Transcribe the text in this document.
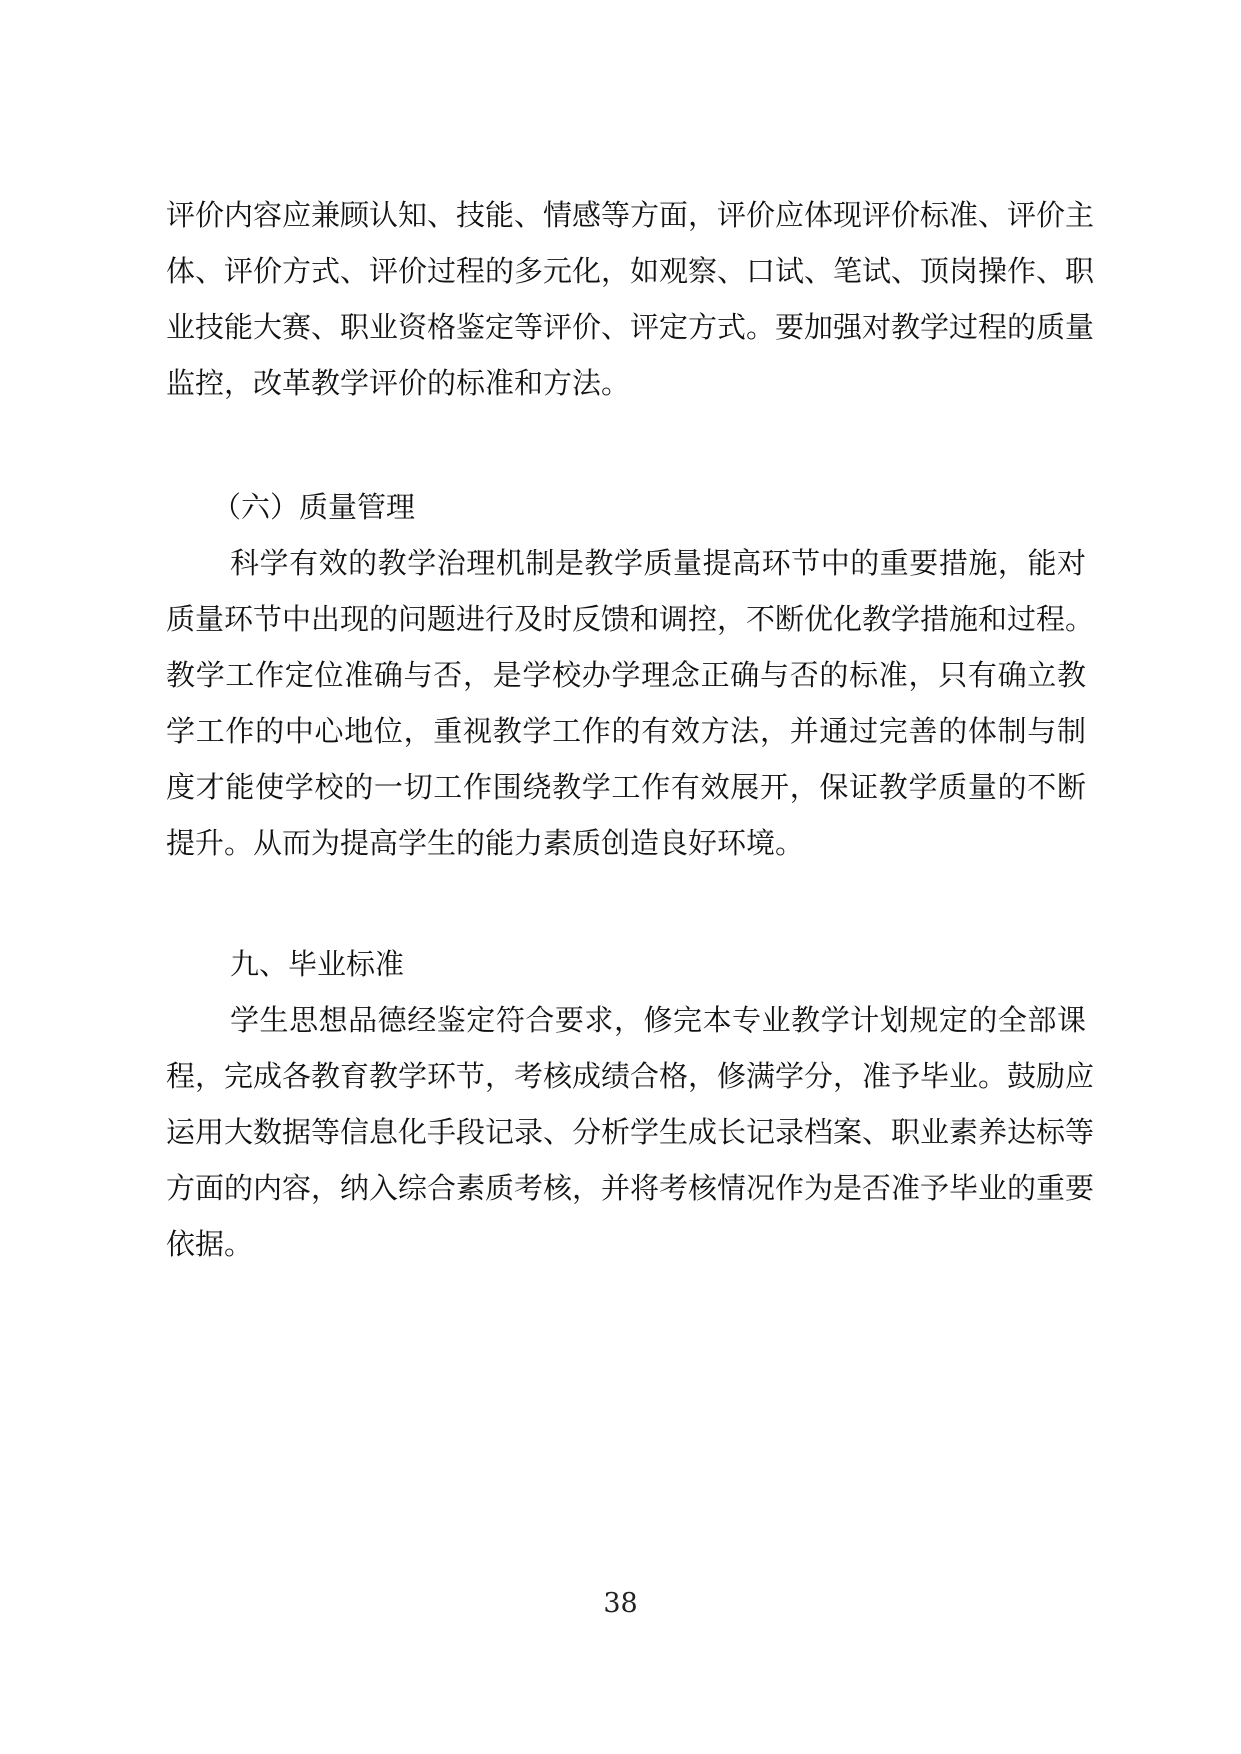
评价内容应兼顾认知、技能、情感等方面，评价应体现评价标准、评价主
体、评价方式、评价过程的多元化，如观察、口试、笔试、顶岗操作、职
业技能大赛、职业资格鉴定等评价、评定方式。要加强对教学过程的质量
监控，改革教学评价的标准和方法。
（六）质量管理
科学有效的教学治理机制是教学质量提高环节中的重要措施，能对
质量环节中出现的问题进行及时反馈和调控，不断优化教学措施和过程。
教学工作定位准确与否，是学校办学理念正确与否的标准，只有确立教
学工作的中心地位，重视教学工作的有效方法，并通过完善的体制与制
度才能使学校的一切工作围绕教学工作有效展开，保证教学质量的不断
提升。从而为提高学生的能力素质创造良好环境。
九、毕业标准
学生思想品德经鉴定符合要求，修完本专业教学计划规定的全部课
程，完成各教育教学环节，考核成绩合格，修满学分，准予毕业。鼓励应
运用大数据等信息化手段记录、分析学生成长记录档案、职业素养达标等
方面的内容，纳入综合素质考核，并将考核情况作为是否准予毕业的重要
依据。
38
